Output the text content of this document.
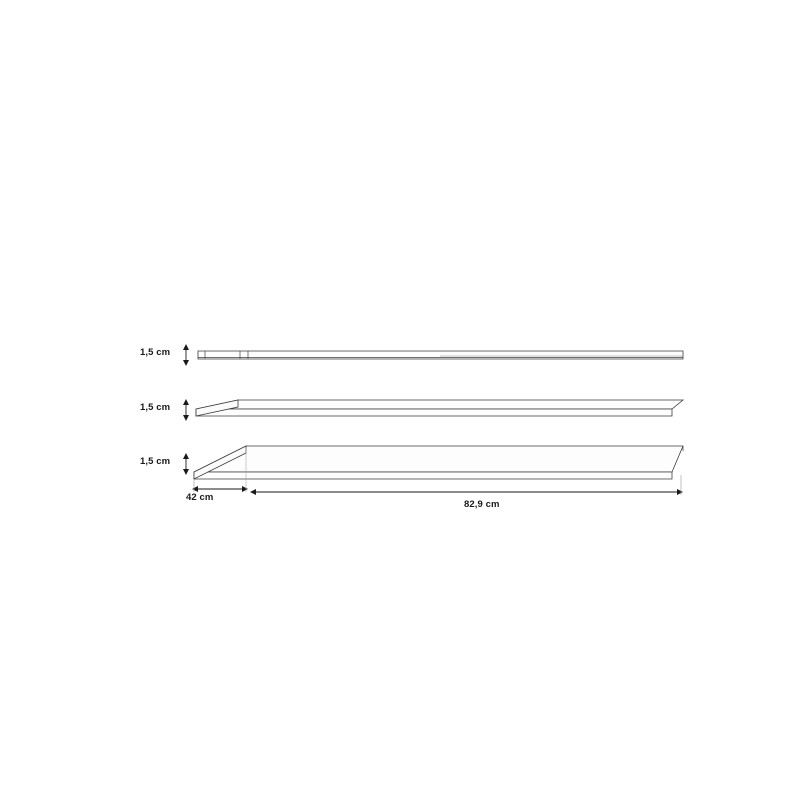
1,5 cm
1,5 cm
1,5 cm
42 cm
82,9 cm
